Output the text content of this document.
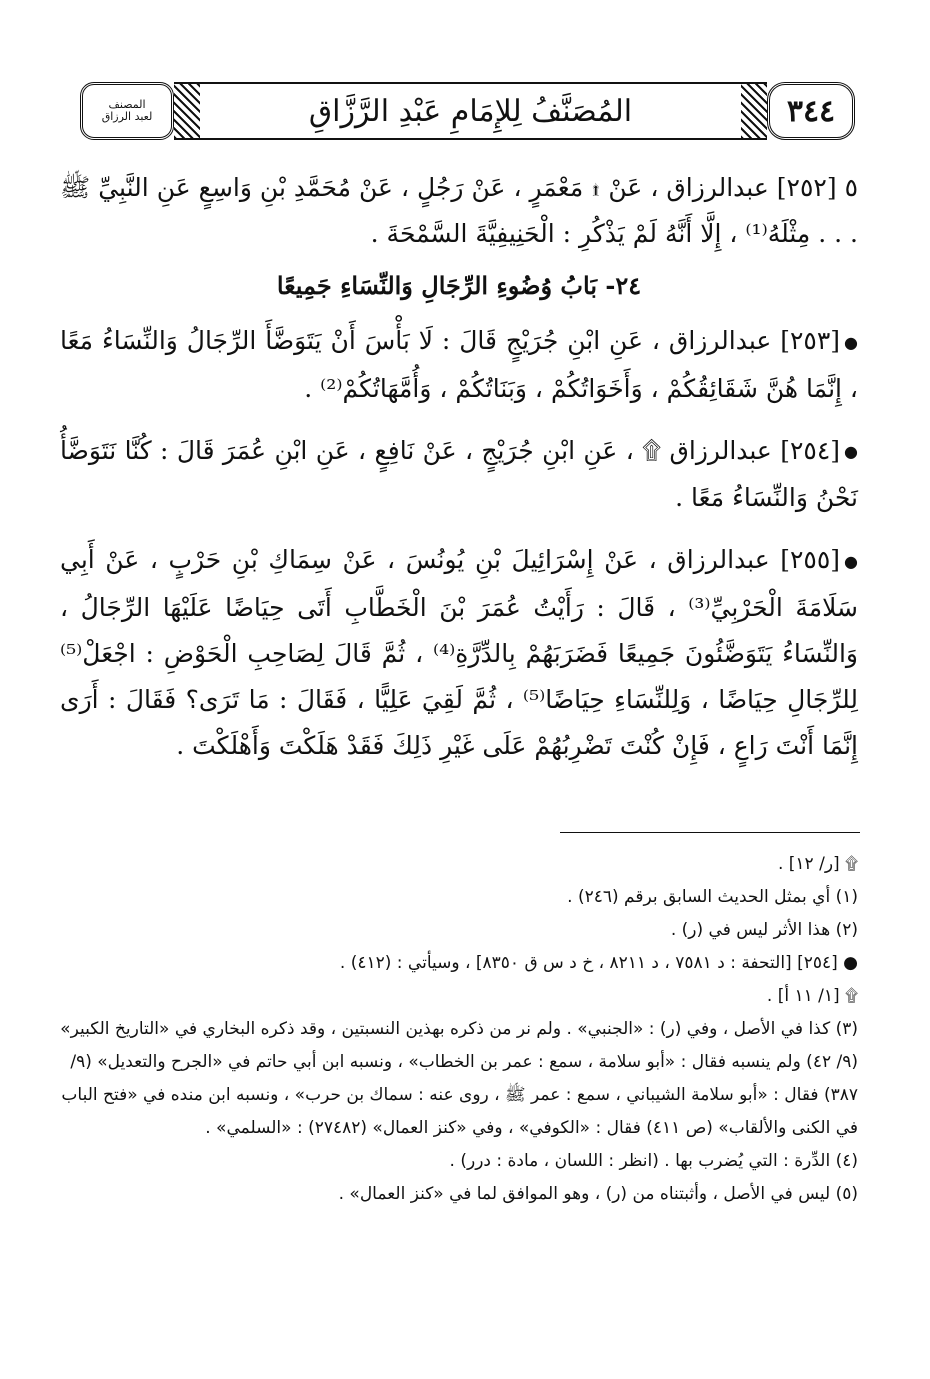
٣٤٤
المُصَنَّفُ لِلإِمَامِ عَبْدِ الرَّزَّاقِ
المصنف
لعبد الرزاق

٥ [٢٥٢] عبدالرزاق ، عَنْ ۩ مَعْمَرٍ ، عَنْ رَجُلٍ ، عَنْ مُحَمَّدِ بْنِ وَاسِعٍ عَنِ النَّبِيِّ ﷺ . . . مِثْلَهُ⁽¹⁾ ، إِلَّا أَنَّهُ لَمْ يَذْكُرِ : الْحَنِيفِيَّةَ السَّمْحَةَ .

٢٤- بَابُ وُضُوءِ الرِّجَالِ وَالنِّسَاءِ جَمِيعًا

●[٢٥٣] عبدالرزاق ، عَنِ ابْنِ جُرَيْجٍ قَالَ : لَا بَأْسَ أَنْ يَتَوَضَّأَ الرِّجَالُ وَالنِّسَاءُ مَعًا ، إِنَّمَا هُنَّ شَقَائِقُكُمْ ، وَأَخَوَاتُكُمْ ، وَبَنَاتُكُمْ ، وَأُمَّهَاتُكُمْ⁽²⁾ .

●[٢٥٤] عبدالرزاق ۩ ، عَنِ ابْنِ جُرَيْجٍ ، عَنْ نَافِعٍ ، عَنِ ابْنِ عُمَرَ قَالَ : كُنَّا نَتَوَضَّأُ نَحْنُ وَالنِّسَاءُ مَعًا .

●[٢٥٥] عبدالرزاق ، عَنْ إِسْرَائِيلَ بْنِ يُونُسَ ، عَنْ سِمَاكِ بْنِ حَرْبٍ ، عَنْ أَبِي سَلَامَةَ الْحَرْبِيِّ⁽³⁾ ، قَالَ : رَأَيْتُ عُمَرَ بْنَ الْخَطَّابِ أَتَى حِيَاضًا عَلَيْهَا الرِّجَالُ ، وَالنِّسَاءُ يَتَوَضَّئُونَ جَمِيعًا فَضَرَبَهُمْ بِالدِّرَّةِ⁽⁴⁾ ، ثُمَّ قَالَ لِصَاحِبِ الْحَوْضِ : اجْعَلْ⁽⁵⁾ لِلرِّجَالِ حِيَاضًا ، وَلِلنِّسَاءِ حِيَاضًا⁽⁵⁾ ، ثُمَّ لَقِيَ عَلِيًّا ، فَقَالَ : مَا تَرَى؟ فَقَالَ : أَرَى إِنَّمَا أَنْتَ رَاعٍ ، فَإِنْ كُنْتَ تَضْرِبُهُمْ عَلَى غَيْرِ ذَلِكَ فَقَدْ هَلَكْتَ وَأَهْلَكْتَ .

۩ [ر/ ١٢] .

(١) أي بمثل الحديث السابق برقم (٢٤٦) .

(٢) هذا الأثر ليس في (ر) .

● [٢٥٤] [التحفة : د ٧٥٨١ ، د ٨٢١١ ، خ د س ق ٨٣٥٠] ، وسيأتي : (٤١٢) .

۩ [١/ ١١ أ] .

(٣) كذا في الأصل ، وفي (ر) : «الجنبي» . ولم نر من ذكره بهذين النسبتين ، وقد ذكره البخاري في «التاريخ الكبير» (٩/ ٤٢) ولم ينسبه فقال : «أبو سلامة ، سمع : عمر بن الخطاب» ، ونسبه ابن أبي حاتم في «الجرح والتعديل» (٩/ ٣٨٧) فقال : «أبو سلامة الشيباني ، سمع : عمر ﷺ ، روى عنه : سماك بن حرب» ، ونسبه ابن منده في «فتح الباب في الكنى والألقاب» (ص ٤١١) فقال : «الكوفي» ، وفي «كنز العمال» (٢٧٤٨٢) : «السلمي» .

(٤) الدِّرة : التي يُضرب بها . (انظر : اللسان ، مادة : درر) .

(٥) ليس في الأصل ، وأثبتناه من (ر) ، وهو الموافق لما في «كنز العمال» .
